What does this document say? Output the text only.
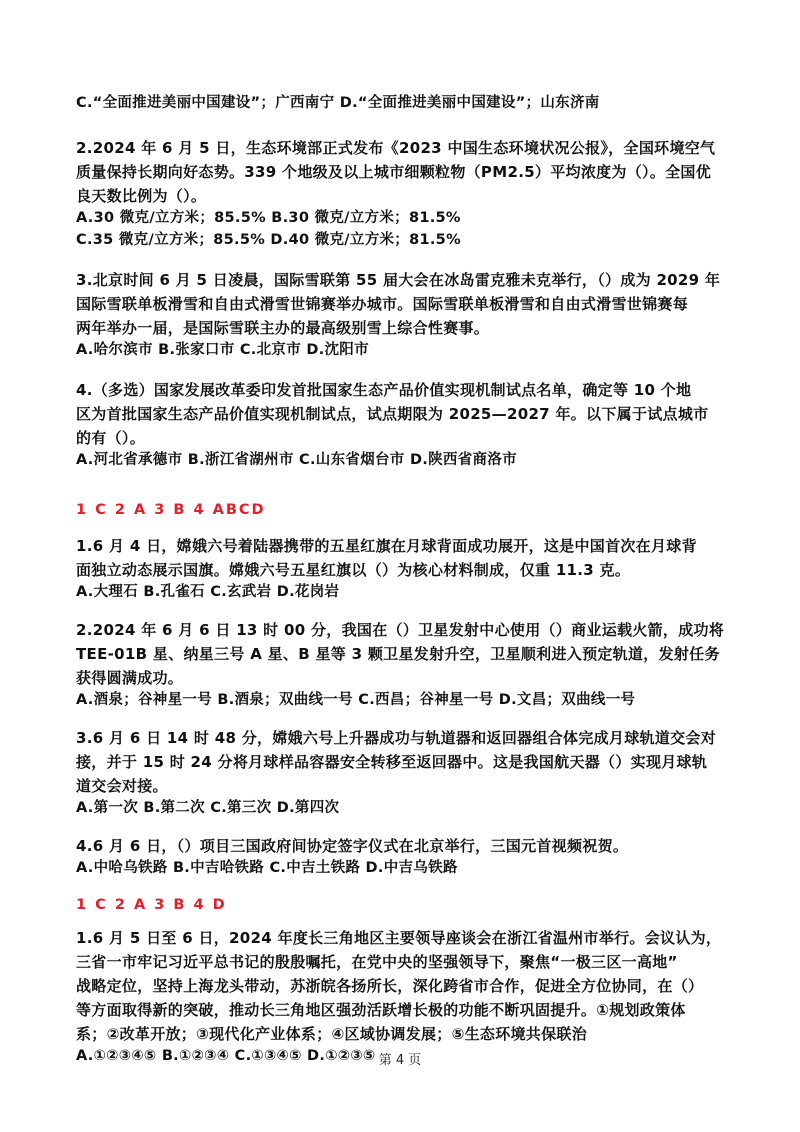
C.“全面推进美丽中国建设”；广西南宁 D.“全面推进美丽中国建设”；山东济南
2.2024 年 6 月 5 日，生态环境部正式发布《2023 中国生态环境状况公报》，全国环境空气
质量保持长期向好态势。339 个地级及以上城市细颗粒物（PM2.5）平均浓度为（）。全国优
良天数比例为（）。
A.30 微克/立方米；85.5% B.30 微克/立方米；81.5%
C.35 微克/立方米；85.5% D.40 微克/立方米；81.5%
3.北京时间 6 月 5 日凌晨，国际雪联第 55 届大会在冰岛雷克雅未克举行，（）成为 2029 年
国际雪联单板滑雪和自由式滑雪世锦赛举办城市。国际雪联单板滑雪和自由式滑雪世锦赛每
两年举办一届，是国际雪联主办的最高级别雪上综合性赛事。
A.哈尔滨市 B.张家口市 C.北京市 D.沈阳市
4.（多选）国家发展改革委印发首批国家生态产品价值实现机制试点名单，确定等 10 个地
区为首批国家生态产品价值实现机制试点，试点期限为 2025—2027 年。以下属于试点城市
的有（）。
A.河北省承德市 B.浙江省湖州市 C.山东省烟台市 D.陕西省商洛市
1 C 2 A 3 B 4 ABCD
1.6 月 4 日，嫦娥六号着陆器携带的五星红旗在月球背面成功展开，这是中国首次在月球背
面独立动态展示国旗。嫦娥六号五星红旗以（）为核心材料制成，仅重 11.3 克。
A.大理石 B.孔雀石 C.玄武岩 D.花岗岩
2.2024 年 6 月 6 日 13 时 00 分，我国在（）卫星发射中心使用（）商业运载火箭，成功将
TEE-01B 星、纳星三号 A 星、B 星等 3 颗卫星发射升空，卫星顺利进入预定轨道，发射任务
获得圆满成功。
A.酒泉；谷神星一号 B.酒泉；双曲线一号 C.西昌；谷神星一号 D.文昌；双曲线一号
3.6 月 6 日 14 时 48 分，嫦娥六号上升器成功与轨道器和返回器组合体完成月球轨道交会对
接，并于 15 时 24 分将月球样品容器安全转移至返回器中。这是我国航天器（）实现月球轨
道交会对接。
A.第一次 B.第二次 C.第三次 D.第四次
4.6 月 6 日，（）项目三国政府间协定签字仪式在北京举行，三国元首视频祝贺。
A.中哈乌铁路 B.中吉哈铁路 C.中吉土铁路 D.中吉乌铁路
1 C 2 A 3 B 4 D
1.6 月 5 日至 6 日，2024 年度长三角地区主要领导座谈会在浙江省温州市举行。会议认为，
三省一市牢记习近平总书记的殷殷嘱托，在党中央的坚强领导下，聚焦“一极三区一高地”
战略定位，坚持上海龙头带动，苏浙皖各扬所长，深化跨省市合作，促进全方位协同，在（）
等方面取得新的突破，推动长三角地区强劲活跃增长极的功能不断巩固提升。①规划政策体
系；②改革开放；③现代化产业体系；④区域协调发展；⑤生态环境共保联治
A.①②③④⑤ B.①②③④ C.①③④⑤ D.①②③⑤ 第 4 页
